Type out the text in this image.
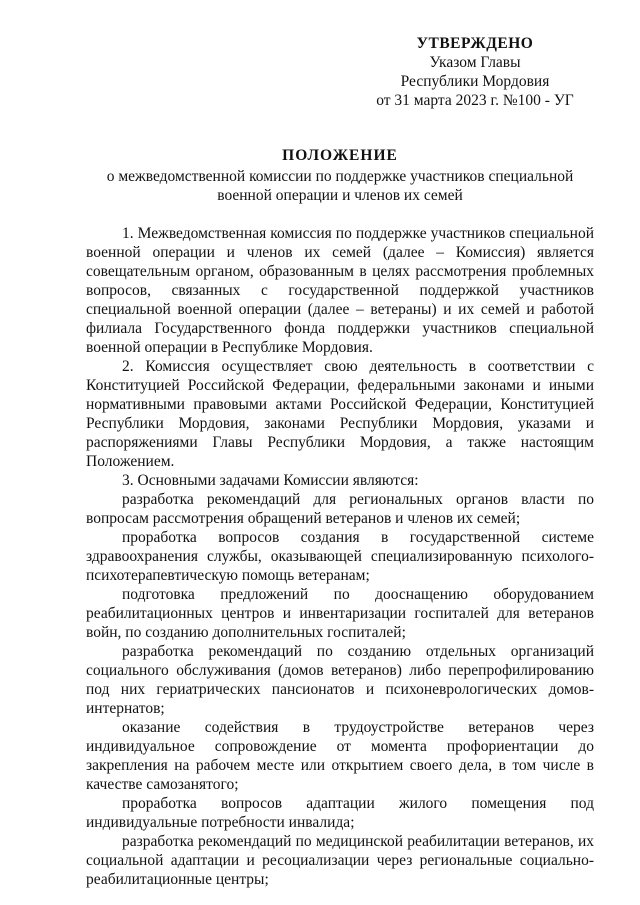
УТВЕРЖДЕНО
Указом Главы
Республики Мордовия
от 31 марта 2023 г. №100 - УГ
ПОЛОЖЕНИЕ
о межведомственной комиссии по поддержке участников специальной
военной операции и членов их семей

1. Межведомственная комиссия по поддержке участников специальной военной операции и членов их семей (далее – Комиссия) является совещательным органом, образованным в целях рассмотрения проблемных вопросов, связанных с государственной поддержкой участников специальной военной операции (далее – ветераны) и их семей и работой филиала Государственного фонда поддержки участников специальной военной операции в Республике Мордовия.

2. Комиссия осуществляет свою деятельность в соответствии с Конституцией Российской Федерации, федеральными законами и иными нормативными правовыми актами Российской Федерации, Конституцией Республики Мордовия, законами Республики Мордовия, указами и распоряжениями Главы Республики Мордовия, а также настоящим Положением.

3. Основными задачами Комиссии являются:

разработка рекомендаций для региональных органов власти по вопросам рассмотрения обращений ветеранов и членов их семей;

проработка вопросов создания в государственной системе здравоохранения службы, оказывающей специализированную психолого-психотерапевтическую помощь ветеранам;

подготовка предложений по дооснащению оборудованием реабилитационных центров и инвентаризации госпиталей для ветеранов войн, по созданию дополнительных госпиталей;

разработка рекомендаций по созданию отдельных организаций социального обслуживания (домов ветеранов) либо перепрофилированию под них гериатрических пансионатов и психоневрологических домов-интернатов;

оказание содействия в трудоустройстве ветеранов через индивидуальное сопровождение от момента профориентации до закрепления на рабочем месте или открытием своего дела, в том числе в качестве самозанятого;

проработка вопросов адаптации жилого помещения под индивидуальные потребности инвалида;

разработка рекомендаций по медицинской реабилитации ветеранов, их социальной адаптации и ресоциализации через региональные социально-реабилитационные центры;
